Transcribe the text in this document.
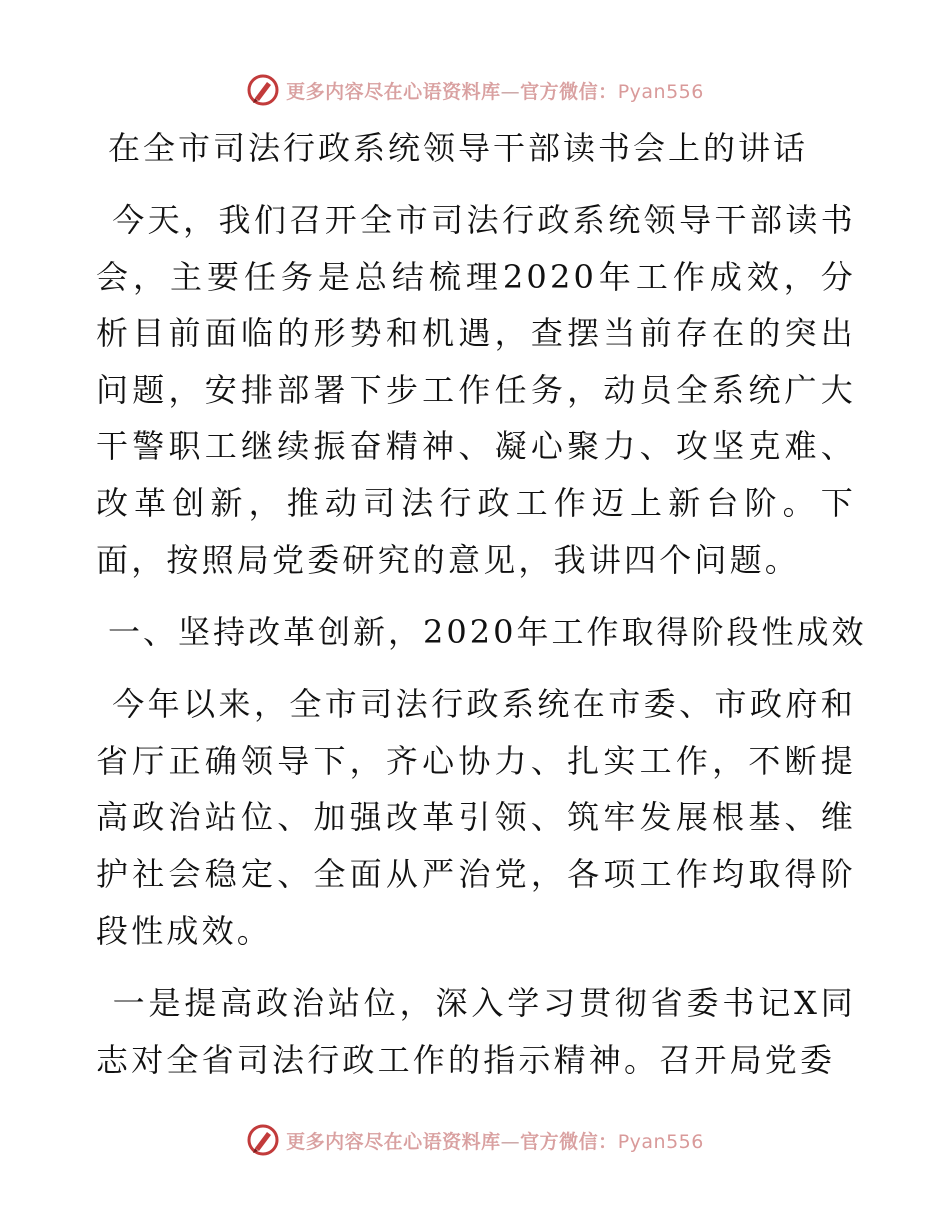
更多内容尽在心语资料库—官方微信：Pyan556
在全市司法行政系统领导干部读书会上的讲话

今天，我们召开全市司法行政系统领导干部读书会，主要任务是总结梳理2020年工作成效，分析目前面临的形势和机遇，查摆当前存在的突出问题，安排部署下步工作任务，动员全系统广大干警职工继续振奋精神、凝心聚力、攻坚克难、改革创新，推动司法行政工作迈上新台阶。下面，按照局党委研究的意见，我讲四个问题。

一、坚持改革创新，2020年工作取得阶段性成效

今年以来，全市司法行政系统在市委、市政府和省厅正确领导下，齐心协力、扎实工作，不断提高政治站位、加强改革引领、筑牢发展根基、维护社会稳定、全面从严治党，各项工作均取得阶段性成效。

一是提高政治站位，深入学习贯彻省委书记X同志对全省司法行政工作的指示精神。召开局党委

更多内容尽在心语资料库—官方微信：Pyan556
